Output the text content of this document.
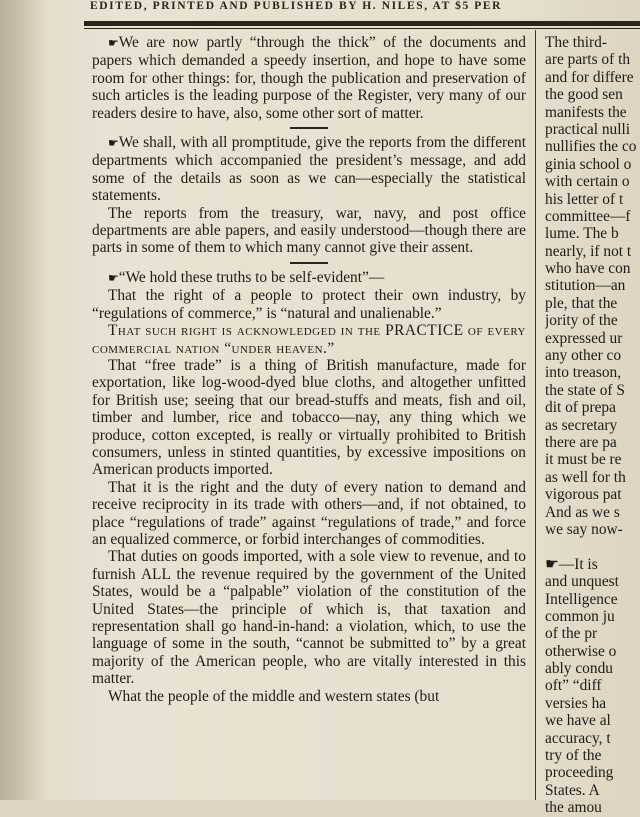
EDITED, PRINTED AND PUBLISHED BY H. NILES, AT $5 PER

☛We are now partly “through the thick” of the documents and papers which demanded a speedy insertion, and hope to have some room for other things: for, though the publication and preservation of such articles is the leading purpose of the Register, very many of our readers desire to have, also, some other sort of matter.

☛We shall, with all promptitude, give the reports from the different departments which accompanied the president’s message, and add some of the details as soon as we can—especially the statistical statements.

The reports from the treasury, war, navy, and post office departments are able papers, and easily understood—though there are parts in some of them to which many cannot give their assent.

☛“We hold these truths to be self-evident”—

That the right of a people to protect their own industry, by “regulations of commerce,” is “natural and unalienable.”

That such right is acknowledged in the PRACTICE of every commercial nation “under heaven.”

That “free trade” is a thing of British manufacture, made for exportation, like log-wood-dyed blue cloths, and altogether unfitted for British use; seeing that our bread-stuffs and meats, fish and oil, timber and lumber, rice and tobacco—nay, any thing which we produce, cotton excepted, is really or virtually prohibited to British consumers, unless in stinted quantities, by excessive impositions on American products imported.

That it is the right and the duty of every nation to demand and receive reciprocity in its trade with others—and, if not obtained, to place “regulations of trade” against “regulations of trade,” and force an equalized commerce, or forbid interchanges of commodities.

That duties on goods imported, with a sole view to revenue, and to furnish ALL the revenue required by the government of the United States, would be a “palpable” violation of the constitution of the United States—the principle of which is, that taxation and representation shall go hand-in-hand: a violation, which, to use the language of some in the south, “cannot be submitted to” by a great majority of the American people, who are vitally interested in this matter.

What the people of the middle and western states (but

The third-
are parts of th
and for differe
the good sen
manifests the
practical nulli
nullifies the co
ginia school o
with certain o
his letter of t
committee—f
lume. The b
nearly, if not t
who have con
stitution—an
ple, that the
jority of the
expressed ur
any other co
into treason,
the state of S
dit of prepa
as secretary
there are pa
it must be re
as well for th
vigorous pat
And as we s
we say now-
☛—It is
and unquest
Intelligence
common ju
of the pr
otherwise o
ably condu
oft” “diff
versies ha
we have al
accuracy, t
try of the
proceeding
States. A
the amou
